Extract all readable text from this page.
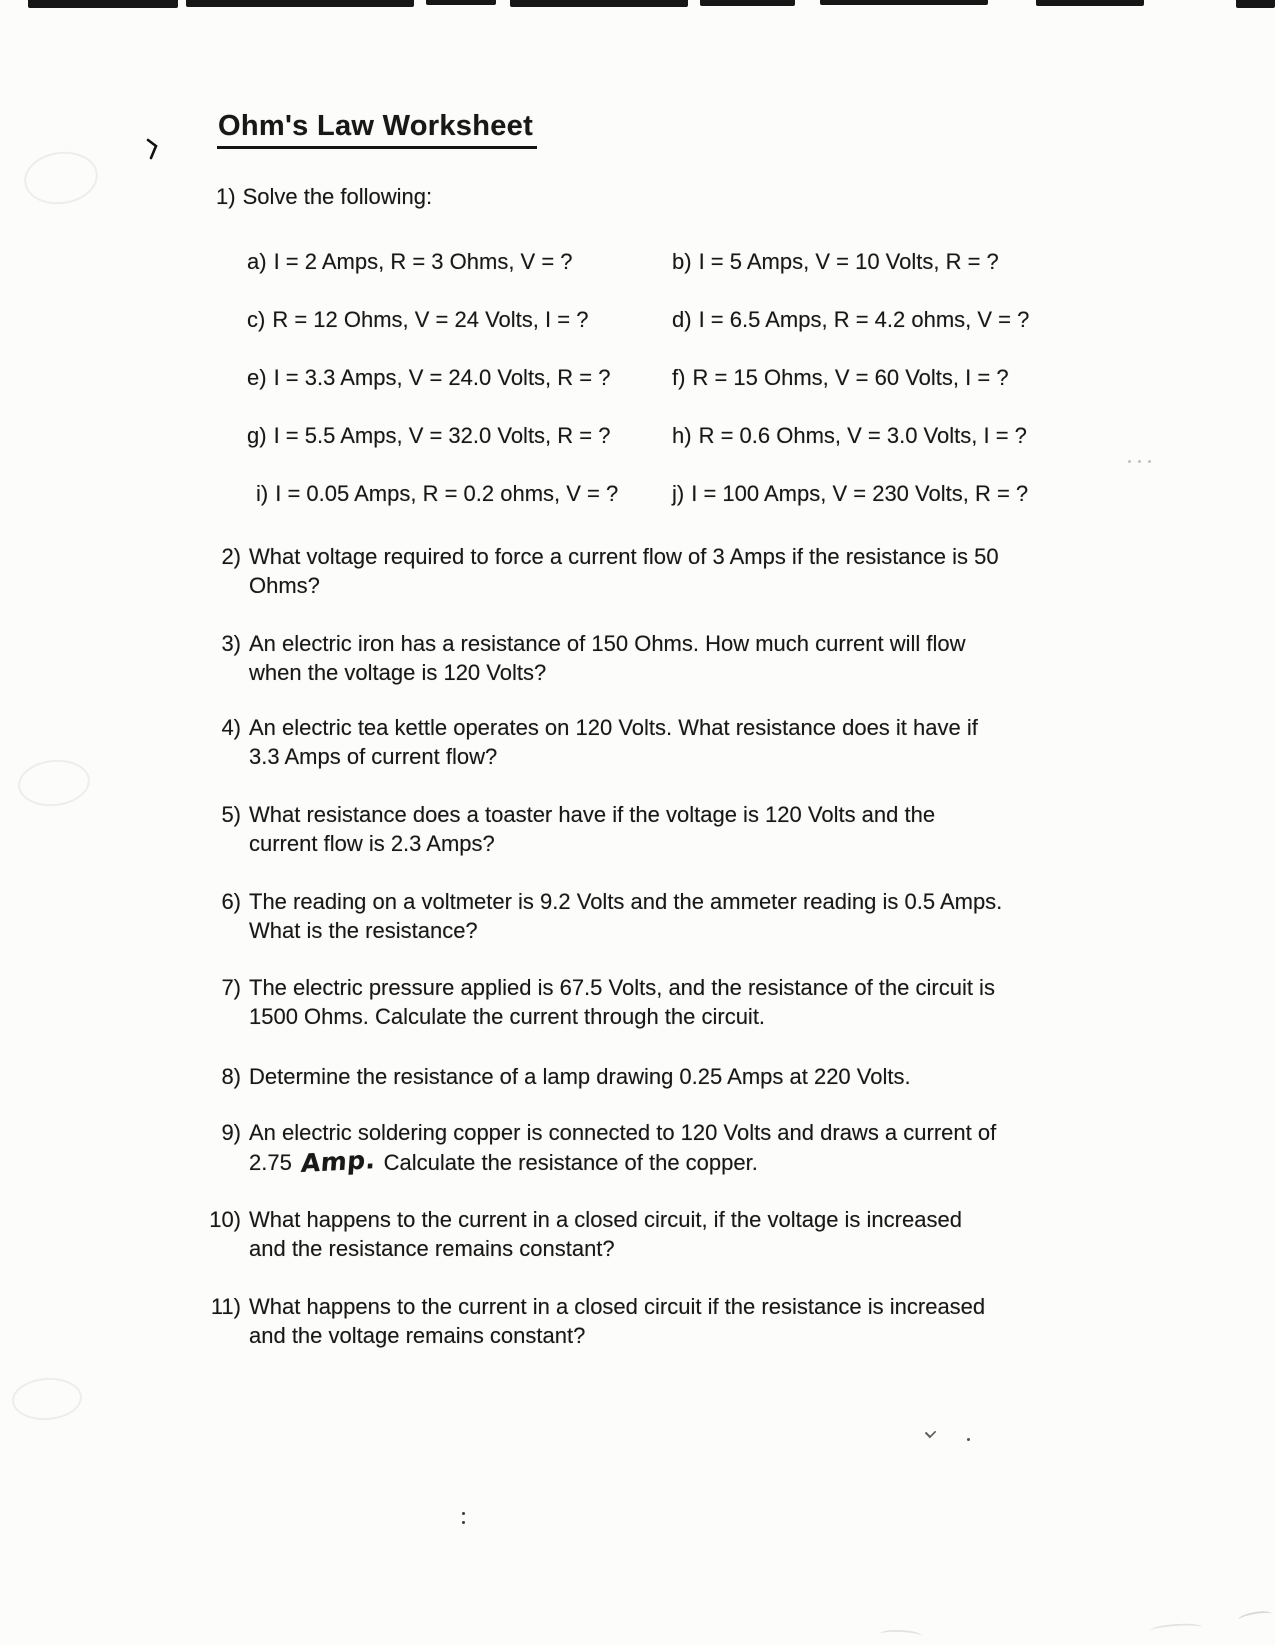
Ohm's Law Worksheet
1) Solve the following:
a) I = 2 Amps, R = 3 Ohms, V = ?	b) I = 5 Amps, V = 10 Volts, R = ?
c) R = 12 Ohms, V = 24 Volts, I = ?	d) I = 6.5 Amps, R = 4.2 ohms, V = ?
e) I = 3.3 Amps, V = 24.0 Volts, R = ?	f) R = 15 Ohms, V = 60 Volts, I = ?
g) I = 5.5 Amps, V = 32.0 Volts, R = ?	h) R = 0.6 Ohms, V = 3.0 Volts, I = ?
i) I = 0.05 Amps, R = 0.2 ohms, V = ? j) I = 100 Amps, V = 230 Volts, R = ?
2) What voltage required to force a current flow of 3 Amps if the resistance is 50
Ohms?
3) An electric iron has a resistance of 150 Ohms. How much current will flow
when the voltage is 120 Volts?
4) An electric tea kettle operates on 120 Volts. What resistance does it have if
3.3 Amps of current flow?
5) What resistance does a toaster have if the voltage is 120 Volts and the
current flow is 2.3 Amps?
6) The reading on a voltmeter is 9.2 Volts and the ammeter reading is 0.5 Amps.
What is the resistance?
7) The electric pressure applied is 67.5 Volts, and the resistance of the circuit is
1500 Ohms. Calculate the current through the circuit.
8) Determine the resistance of a lamp drawing 0.25 Amps at 220 Volts.
9) An electric soldering copper is connected to 120 Volts and draws a current of
2.75 Amp. Calculate the resistance of the copper.
10) What happens to the current in a closed circuit, if the voltage is increased
and the resistance remains constant?
11) What happens to the current in a closed circuit if the resistance is increased
and the voltage remains constant?
